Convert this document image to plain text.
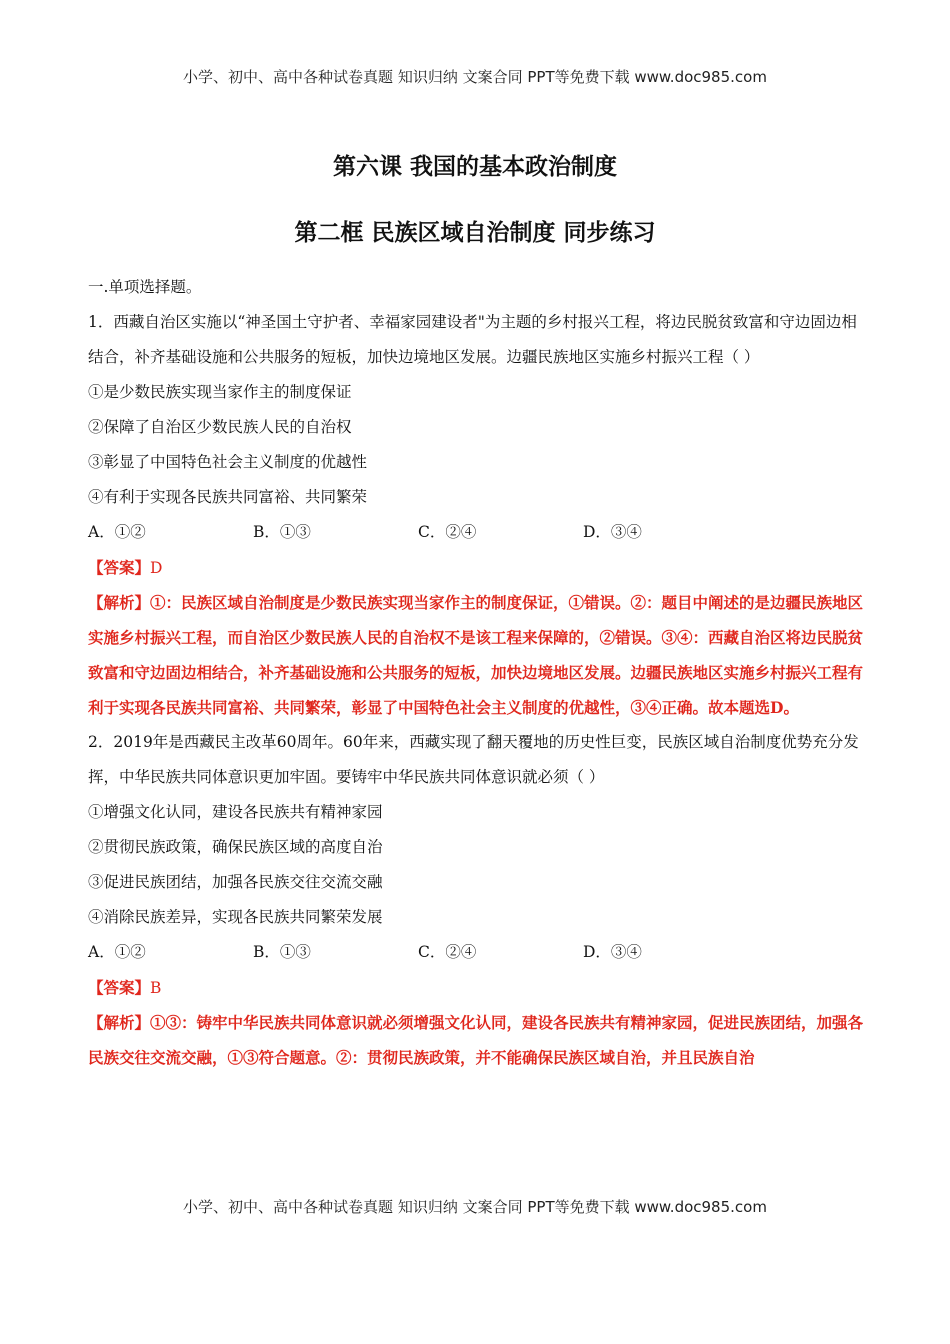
小学、初中、高中各种试卷真题 知识归纳 文案合同 PPT等免费下载 www.doc985.com
第六课 我国的基本政治制度
第二框 民族区域自治制度 同步练习
一.单项选择题。
1．西藏自治区实施以“神圣国土守护者、幸福家园建设者"为主题的乡村报兴工程，将边民脱贫致富和守边固边相结合，补齐基础设施和公共服务的短板，加快边境地区发展。边疆民族地区实施乡村振兴工程（ ）
①是少数民族实现当家作主的制度保证
②保障了自治区少数民族人民的自治权
③彰显了中国特色社会主义制度的优越性
④有利于实现各民族共同富裕、共同繁荣
A．①②	B．①③	C．②④	D．③④
【答案】D
【解析】①：民族区域自治制度是少数民族实现当家作主的制度保证，①错误。②：题目中阐述的是边疆民族地区实施乡村振兴工程，而自治区少数民族人民的自治权不是该工程来保障的，②错误。③④：西藏自治区将边民脱贫致富和守边固边相结合，补齐基础设施和公共服务的短板，加快边境地区发展。边疆民族地区实施乡村振兴工程有利于实现各民族共同富裕、共同繁荣，彰显了中国特色社会主义制度的优越性，③④正确。故本题选D。
2．2019年是西藏民主改革60周年。60年来，西藏实现了翻天覆地的历史性巨变，民族区域自治制度优势充分发挥，中华民族共同体意识更加牢固。要铸牢中华民族共同体意识就必须（ ）
①增强文化认同，建设各民族共有精神家园
②贯彻民族政策，确保民族区域的高度自治
③促进民族团结，加强各民族交往交流交融
④消除民族差异，实现各民族共同繁荣发展
A．①②	B．①③	C．②④	D．③④
【答案】B
【解析】①③：铸牢中华民族共同体意识就必须增强文化认同，建设各民族共有精神家园，促进民族团结，加强各民族交往交流交融，①③符合题意。②：贯彻民族政策，并不能确保民族区域自治，并且民族自治
小学、初中、高中各种试卷真题 知识归纳 文案合同 PPT等免费下载 www.doc985.com
